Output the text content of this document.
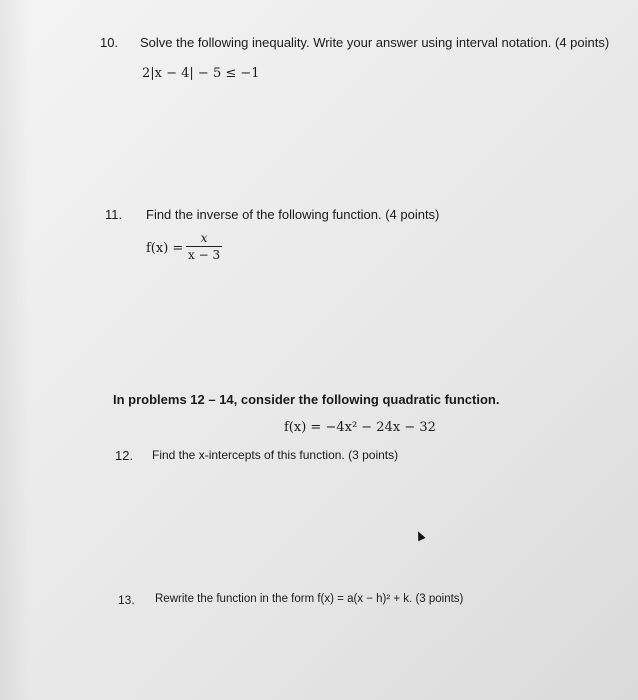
10. Solve the following inequality. Write your answer using interval notation. (4 points)
2|x − 4| − 5 ≤ −1
11. Find the inverse of the following function. (4 points)
f(x) =
x
x − 3
In problems 12 – 14, consider the following quadratic function.
f(x) = −4x² − 24x − 32
12. Find the x-intercepts of this function. (3 points)
13. Rewrite the function in the form f(x) = a(x − h)² + k. (3 points)
